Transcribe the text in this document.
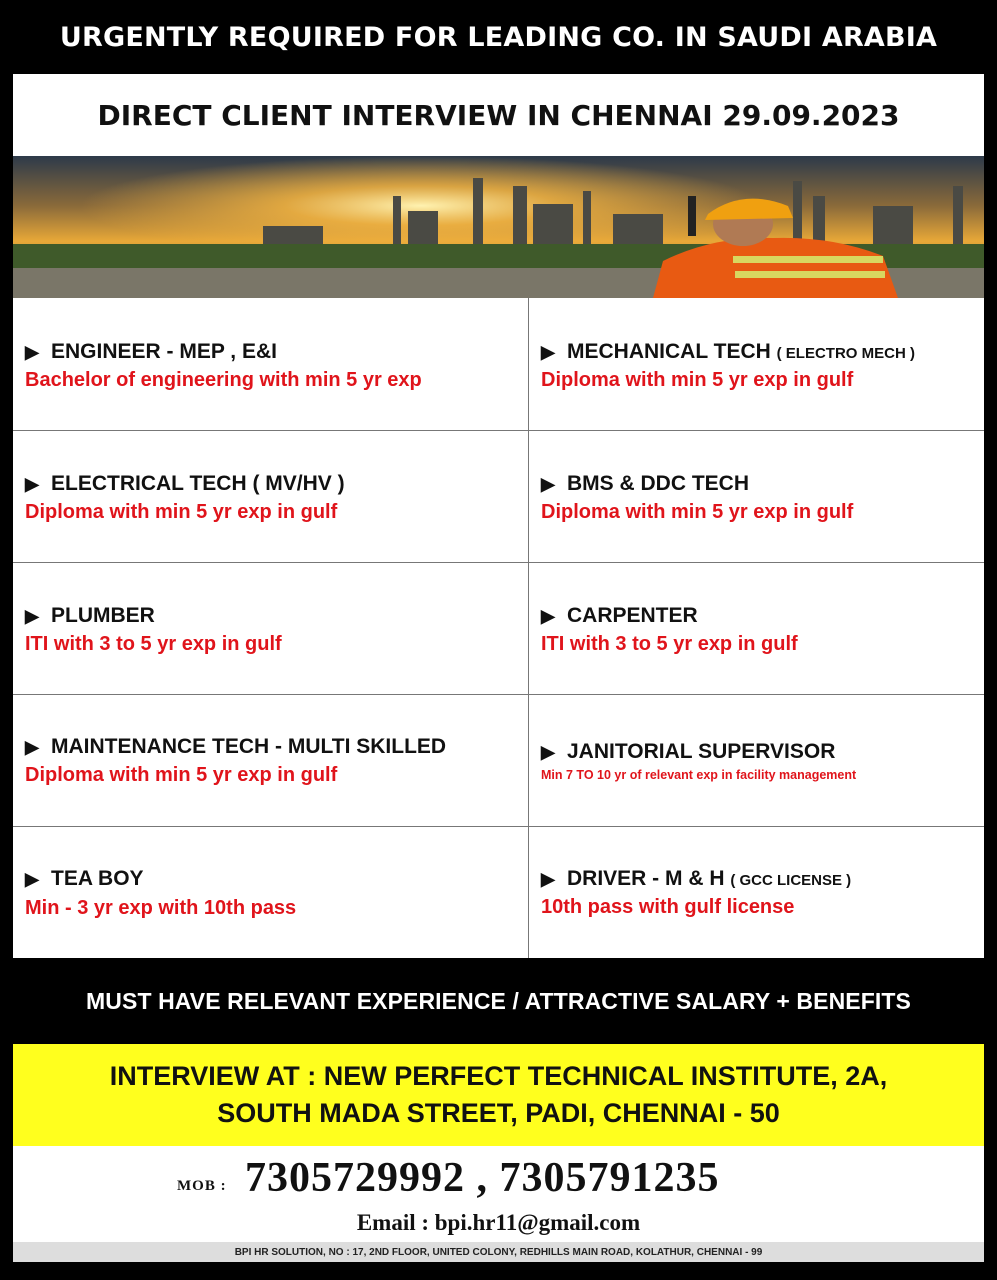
URGENTLY REQUIRED FOR LEADING CO. IN SAUDI ARABIA
DIRECT CLIENT INTERVIEW IN CHENNAI 29.09.2023
▶ ENGINEER - MEP , E&I
Bachelor of engineering with min 5 yr exp
▶ MECHANICAL TECH ( ELECTRO MECH )
Diploma with min 5 yr exp in gulf
▶ ELECTRICAL TECH ( MV/HV )
Diploma with min 5 yr exp in gulf
▶ BMS & DDC TECH
Diploma with min 5 yr exp in gulf
▶ PLUMBER
ITI with 3 to 5 yr exp in gulf
▶ CARPENTER
ITI with 3 to 5 yr exp in gulf
▶ MAINTENANCE TECH - MULTI SKILLED
Diploma with min 5 yr exp in gulf
▶ JANITORIAL SUPERVISOR
Min 7 TO 10 yr of relevant exp in facility management
▶ TEA BOY
Min - 3 yr exp with 10th pass
▶ DRIVER - M & H ( GCC LICENSE )
10th pass with gulf license
MUST HAVE RELEVANT EXPERIENCE / ATTRACTIVE SALARY + BENEFITS
INTERVIEW AT : NEW PERFECT TECHNICAL INSTITUTE, 2A,
SOUTH MADA STREET, PADI, CHENNAI - 50
MOB : 7305729992 , 7305791235
Email : bpi.hr11@gmail.com
BPI HR SOLUTION, NO : 17, 2ND FLOOR, UNITED COLONY, REDHILLS MAIN ROAD, KOLATHUR, CHENNAI - 99
